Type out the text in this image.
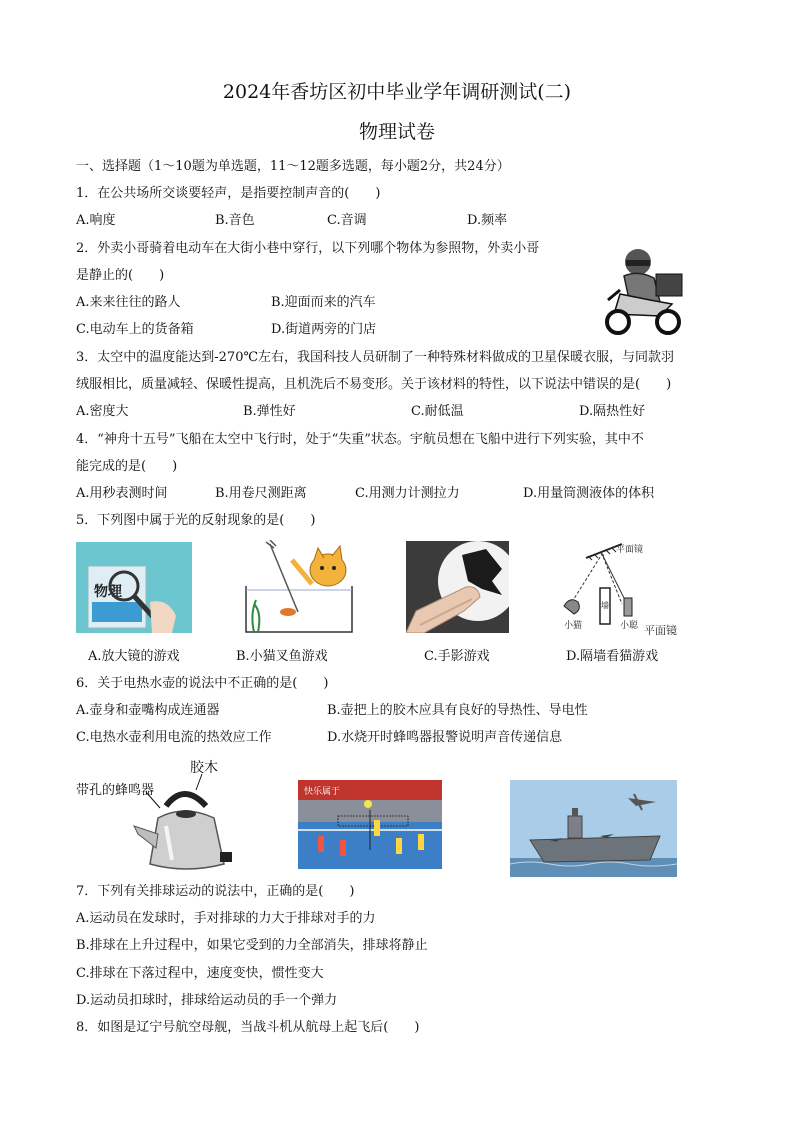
2024年香坊区初中毕业学年调研测试(二)
物理试卷
一、选择题（1～10题为单选题，11～12题多选题，每小题2分，共24分）
1．在公共场所交谈要轻声，是指要控制声音的(　　)
A.响度	B.音色	C.音调	D.频率
2．外卖小哥骑着电动车在大街小巷中穿行，以下列哪个物体为参照物，外卖小哥
是静止的(　　)
A.来来往往的路人	B.迎面而来的汽车
C.电动车上的货备箱	D.街道两旁的门店
3．太空中的温度能达到-270℃左右，我国科技人员研制了一种特殊材料做成的卫星保暖衣服，与同款羽
绒服相比，质量减轻、保暖性提高，且机洗后不易变形。关于该材料的特性，以下说法中错误的是(　　)
A.密度大	B.弹性好	C.耐低温	D.隔热性好
4．“神舟十五号”飞船在太空中飞行时，处于“失重”状态。宇航员想在飞船中进行下列实验，其中不
能完成的是(　　)
A.用秒表测时间	B.用卷尺测距离	C.用测力计测拉力	D.用量筒测液体的体积
5．下列图中属于光的反射现象的是(　　)
物理
平面镜
墙
小猫	小聪 平面镜
A.放大镜的游戏	B.小猫叉鱼游戏	C.手影游戏	D.隔墙看猫游戏
6．关于电热水壶的说法中不正确的是(　　)
A.壶身和壶嘴构成连通器	B.壶把上的胶木应具有良好的导热性、导电性
C.电热水壶利用电流的热效应工作	D.水烧开时蜂鸣器报警说明声音传递信息
胶木
带孔的蜂鸣器	快乐属于
7．下列有关排球运动的说法中，正确的是(　　)
A.运动员在发球时，手对排球的力大于排球对手的力
B.排球在上升过程中，如果它受到的力全部消失，排球将静止
C.排球在下落过程中，速度变快，惯性变大
D.运动员扣球时，排球给运动员的手一个弹力
8．如图是辽宁号航空母舰，当战斗机从航母上起飞后(　　)
